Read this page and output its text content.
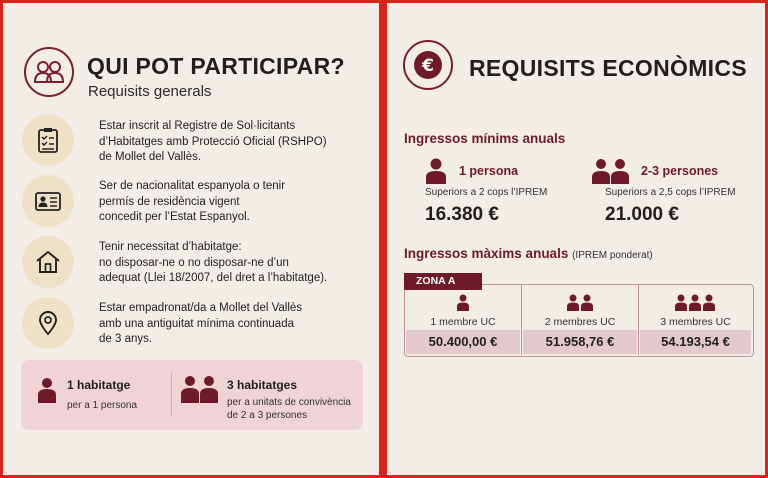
QUI POT PARTICIPAR?
Requisits generals
Estar inscrit al Registre de Sol·licitants
d’Habitatges amb Protecció Oficial (RSHPO)
de Mollet del Vallès.
Ser de nacionalitat espanyola o tenir
permís de residència vigent
concedit per l’Estat Espanyol.
Tenir necessitat d’habitatge:
no disposar-ne o no disposar-ne d’un
adequat (Llei 18/2007, del dret a l’habitatge).
Estar empadronat/da a Mollet del Vallès
amb una antiguitat mínima continuada
de 3 anys.
1 habitatge
per a 1 persona
3 habitatges
per a unitats de convivència
de 2 a 3 persones
€ REQUISITS ECONÒMICS
Ingressos mínims anuals
1 persona
Superiors a 2 cops l’IPREM
16.380 €
2-3 persones
Superiors a 2,5 cops l’IPREM
21.000 €
Ingressos màxims anuals (IPREM ponderat)
1 membre UC
50.400,00 €
2 membres UC
51.958,76 €
3 membres UC
54.193,54 €
ZONA A
